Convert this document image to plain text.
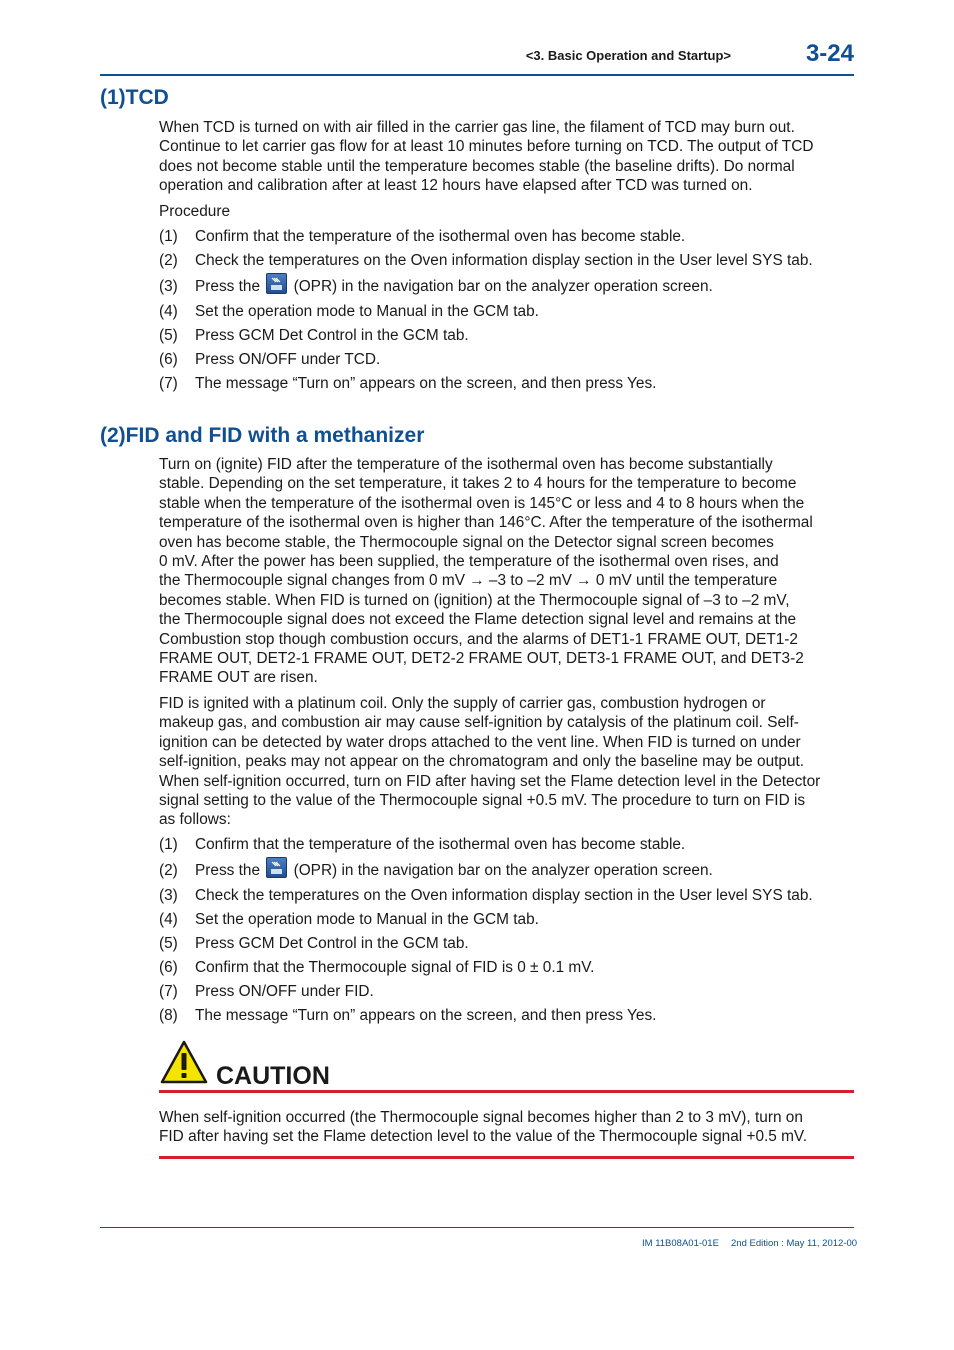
<3. Basic Operation and Startup>	3-24
(1)TCD

When TCD is turned on with air filled in the carrier gas line, the filament of TCD may burn out.

Continue to let carrier gas flow for at least 10 minutes before turning on TCD. The output of TCD

does not become stable until the temperature becomes stable (the baseline drifts). Do normal

operation and calibration after at least 12 hours have elapsed after TCD was turned on.

Procedure
(1) Confirm that the temperature of the isothermal oven has become stable.
(2) Check the temperatures on the Oven information display section in the User level SYS tab.
(3) Press the (OPR) in the navigation bar on the analyzer operation screen.
(4) Set the operation mode to Manual in the GCM tab.
(5) Press GCM Det Control in the GCM tab.
(6) Press ON/OFF under TCD.
(7) The message “Turn on” appears on the screen, and then press Yes.
(2)FID and FID with a methanizer

Turn on (ignite) FID after the temperature of the isothermal oven has become substantially

stable. Depending on the set temperature, it takes 2 to 4 hours for the temperature to become

stable when the temperature of the isothermal oven is 145°C or less and 4 to 8 hours when the

temperature of the isothermal oven is higher than 146°C. After the temperature of the isothermal

oven has become stable, the Thermocouple signal on the Detector signal screen becomes

0 mV. After the power has been supplied, the temperature of the isothermal oven rises, and

the Thermocouple signal changes from 0 mV → –3 to –2 mV → 0 mV until the temperature

becomes stable. When FID is turned on (ignition) at the Thermocouple signal of –3 to –2 mV,

the Thermocouple signal does not exceed the Flame detection signal level and remains at the

Combustion stop though combustion occurs, and the alarms of DET1-1 FRAME OUT, DET1-2

FRAME OUT, DET2-1 FRAME OUT, DET2-2 FRAME OUT, DET3-1 FRAME OUT, and DET3-2

FRAME OUT are risen.

FID is ignited with a platinum coil. Only the supply of carrier gas, combustion hydrogen or

makeup gas, and combustion air may cause self-ignition by catalysis of the platinum coil. Self-

ignition can be detected by water drops attached to the vent line. When FID is turned on under

self-ignition, peaks may not appear on the chromatogram and only the baseline may be output.

When self-ignition occurred, turn on FID after having set the Flame detection level in the Detector

signal setting to the value of the Thermocouple signal +0.5 mV. The procedure to turn on FID is

as follows:

(1) Confirm that the temperature of the isothermal oven has become stable.
(2) Press the (OPR) in the navigation bar on the analyzer operation screen.
(3) Check the temperatures on the Oven information display section in the User level SYS tab.
(4) Set the operation mode to Manual in the GCM tab.
(5) Press GCM Det Control in the GCM tab.
(6) Confirm that the Thermocouple signal of FID is 0 ± 0.1 mV.
(7) Press ON/OFF under FID.
(8) The message “Turn on” appears on the screen, and then press Yes.
CAUTION

When self-ignition occurred (the Thermocouple signal becomes higher than 2 to 3 mV), turn on

FID after having set the Flame detection level to the value of the Thermocouple signal +0.5 mV.

IM 11B08A01-01E 2nd Edition : May 11, 2012-00
